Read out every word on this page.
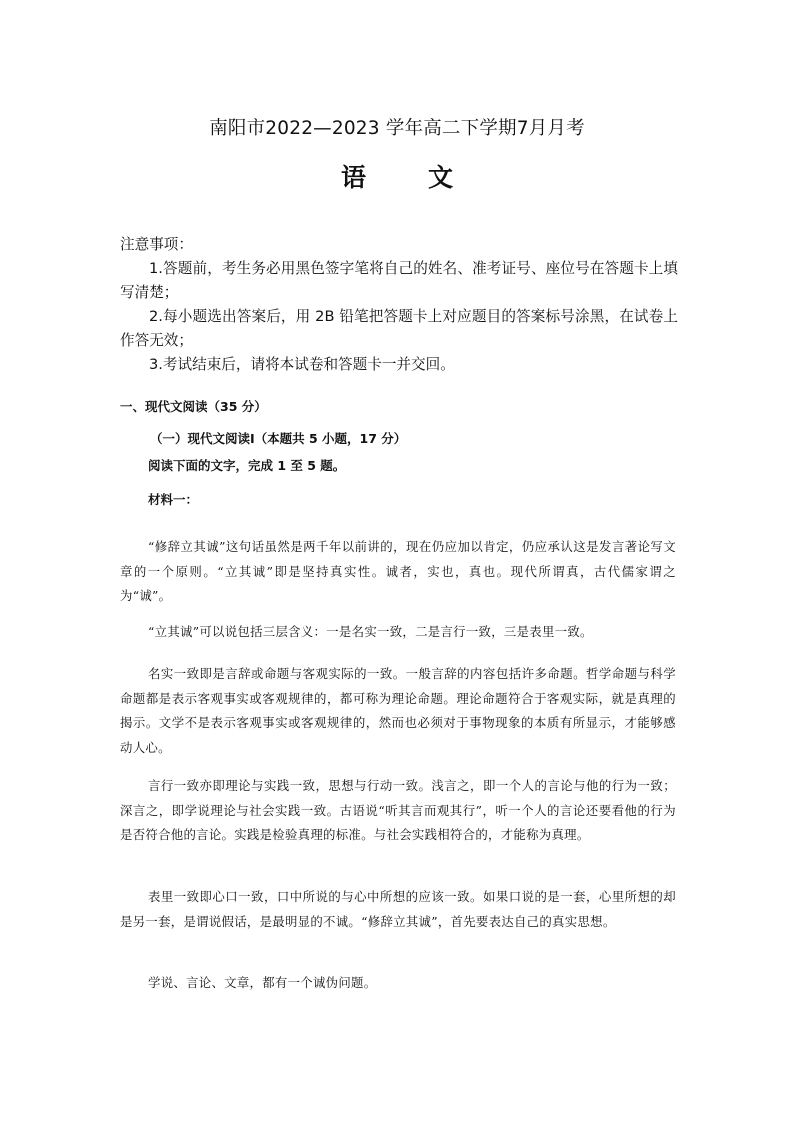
南阳市2022—2023 学年高二下学期7月月考
语 文
注意事项：
1.答题前，考生务必用黑色签字笔将自己的姓名、准考证号、座位号在答题卡上填写清楚；
2.每小题选出答案后，用 2B 铅笔把答题卡上对应题目的答案标号涂黑，在试卷上作答无效；
3.考试结束后，请将本试卷和答题卡一并交回。
一、现代文阅读（35 分）
（一）现代文阅读Ⅰ（本题共 5 小题，17 分）
阅读下面的文字，完成 1 至 5 题。
材料一：
“修辞立其诚”这句话虽然是两千年以前讲的，现在仍应加以肯定，仍应承认这是发言著论写文章的一个原则。“立其诚”即是坚持真实性。诚者，实也，真也。现代所谓真，古代儒家谓之为“诚”。
“立其诚”可以说包括三层含义：一是名实一致，二是言行一致，三是表里一致。
名实一致即是言辞或命题与客观实际的一致。一般言辞的内容包括许多命题。哲学命题与科学命题都是表示客观事实或客观规律的，都可称为理论命题。理论命题符合于客观实际，就是真理的揭示。文学不是表示客观事实或客观规律的，然而也必须对于事物现象的本质有所显示，才能够感动人心。
言行一致亦即理论与实践一致，思想与行动一致。浅言之，即一个人的言论与他的行为一致；深言之，即学说理论与社会实践一致。古语说“听其言而观其行”，听一个人的言论还要看他的行为是否符合他的言论。实践是检验真理的标准。与社会实践相符合的，才能称为真理。
表里一致即心口一致，口中所说的与心中所想的应该一致。如果口说的是一套，心里所想的却是另一套，是谓说假话，是最明显的不诚。“修辞立其诚”，首先要表达自己的真实思想。
学说、言论、文章，都有一个诚伪问题。
